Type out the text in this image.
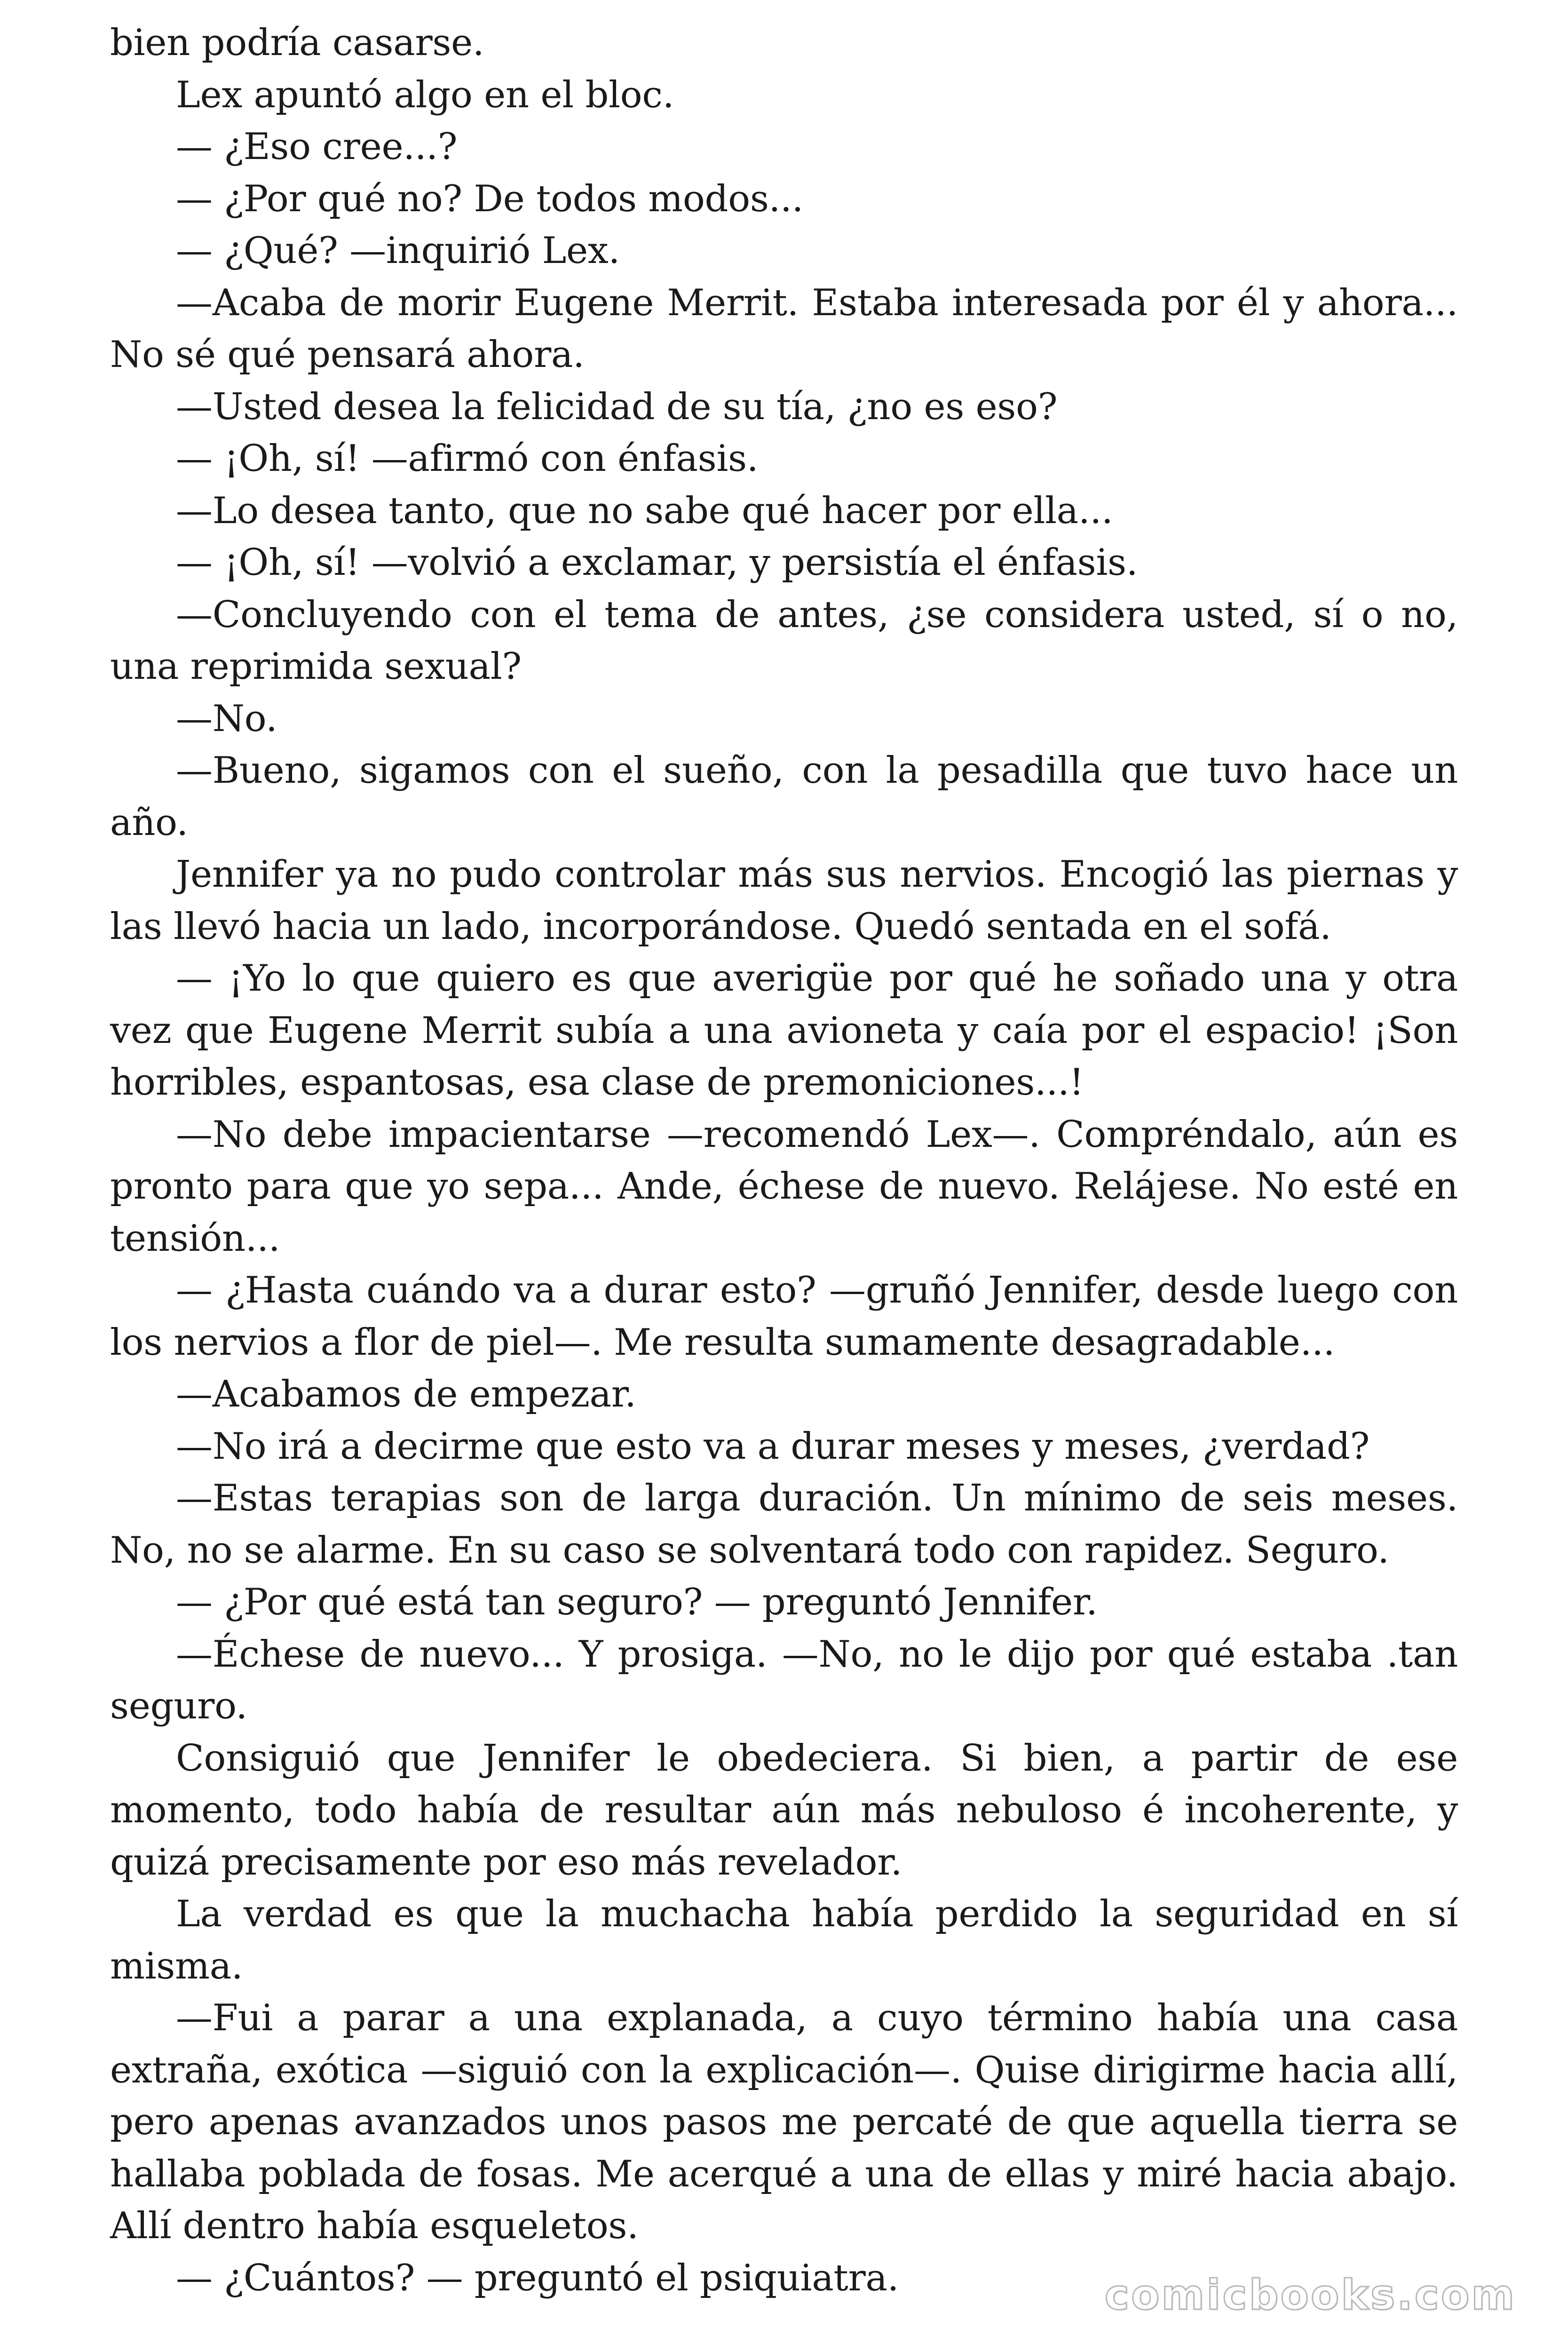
bien podría casarse.

Lex apuntó algo en el bloc.

— ¿Eso cree...?

— ¿Por qué no? De todos modos...

— ¿Qué? —inquirió Lex.

—Acaba de morir Eugene Merrit. Estaba interesada por él y ahora... No sé qué pensará ahora.

—Usted desea la felicidad de su tía, ¿no es eso?

— ¡Oh, sí! —afirmó con énfasis.

—Lo desea tanto, que no sabe qué hacer por ella...

— ¡Oh, sí! —volvió a exclamar, y persistía el énfasis.

—Concluyendo con el tema de antes, ¿se considera usted, sí o no, una reprimida sexual?

—No.

—Bueno, sigamos con el sueño, con la pesadilla que tuvo hace un año.

Jennifer ya no pudo controlar más sus nervios. Encogió las piernas y las llevó hacia un lado, incorporándose. Quedó sentada en el sofá.

— ¡Yo lo que quiero es que averigüe por qué he soñado una y otra vez que Eugene Merrit subía a una avioneta y caía por el espacio! ¡Son horribles, espantosas, esa clase de premoniciones...!

—No debe impacientarse —recomendó Lex—. Compréndalo, aún es pronto para que yo sepa... Ande, échese de nuevo. Relájese. No esté en tensión...

— ¿Hasta cuándo va a durar esto? —gruñó Jennifer, desde luego con los nervios a flor de piel—. Me resulta sumamente desagradable...

—Acabamos de empezar.

—No irá a decirme que esto va a durar meses y meses, ¿verdad?

—Estas terapias son de larga duración. Un mínimo de seis meses. No, no se alarme. En su caso se solventará todo con rapidez. Seguro.

— ¿Por qué está tan seguro? — preguntó Jennifer.

—Échese de nuevo... Y prosiga. —No, no le dijo por qué estaba .tan seguro.

Consiguió que Jennifer le obedeciera. Si bien, a partir de ese momento, todo había de resultar aún más nebuloso é incoherente, y quizá precisamente por eso más revelador.

La verdad es que la muchacha había perdido la seguridad en sí misma.

—Fui a parar a una explanada, a cuyo término había una casa extraña, exótica —siguió con la explicación—. Quise dirigirme hacia allí, pero apenas avanzados unos pasos me percaté de que aquella tierra se hallaba poblada de fosas. Me acerqué a una de ellas y miré hacia abajo. Allí dentro había esqueletos.

— ¿Cuántos? — preguntó el psiquiatra.	comicbooks.com
